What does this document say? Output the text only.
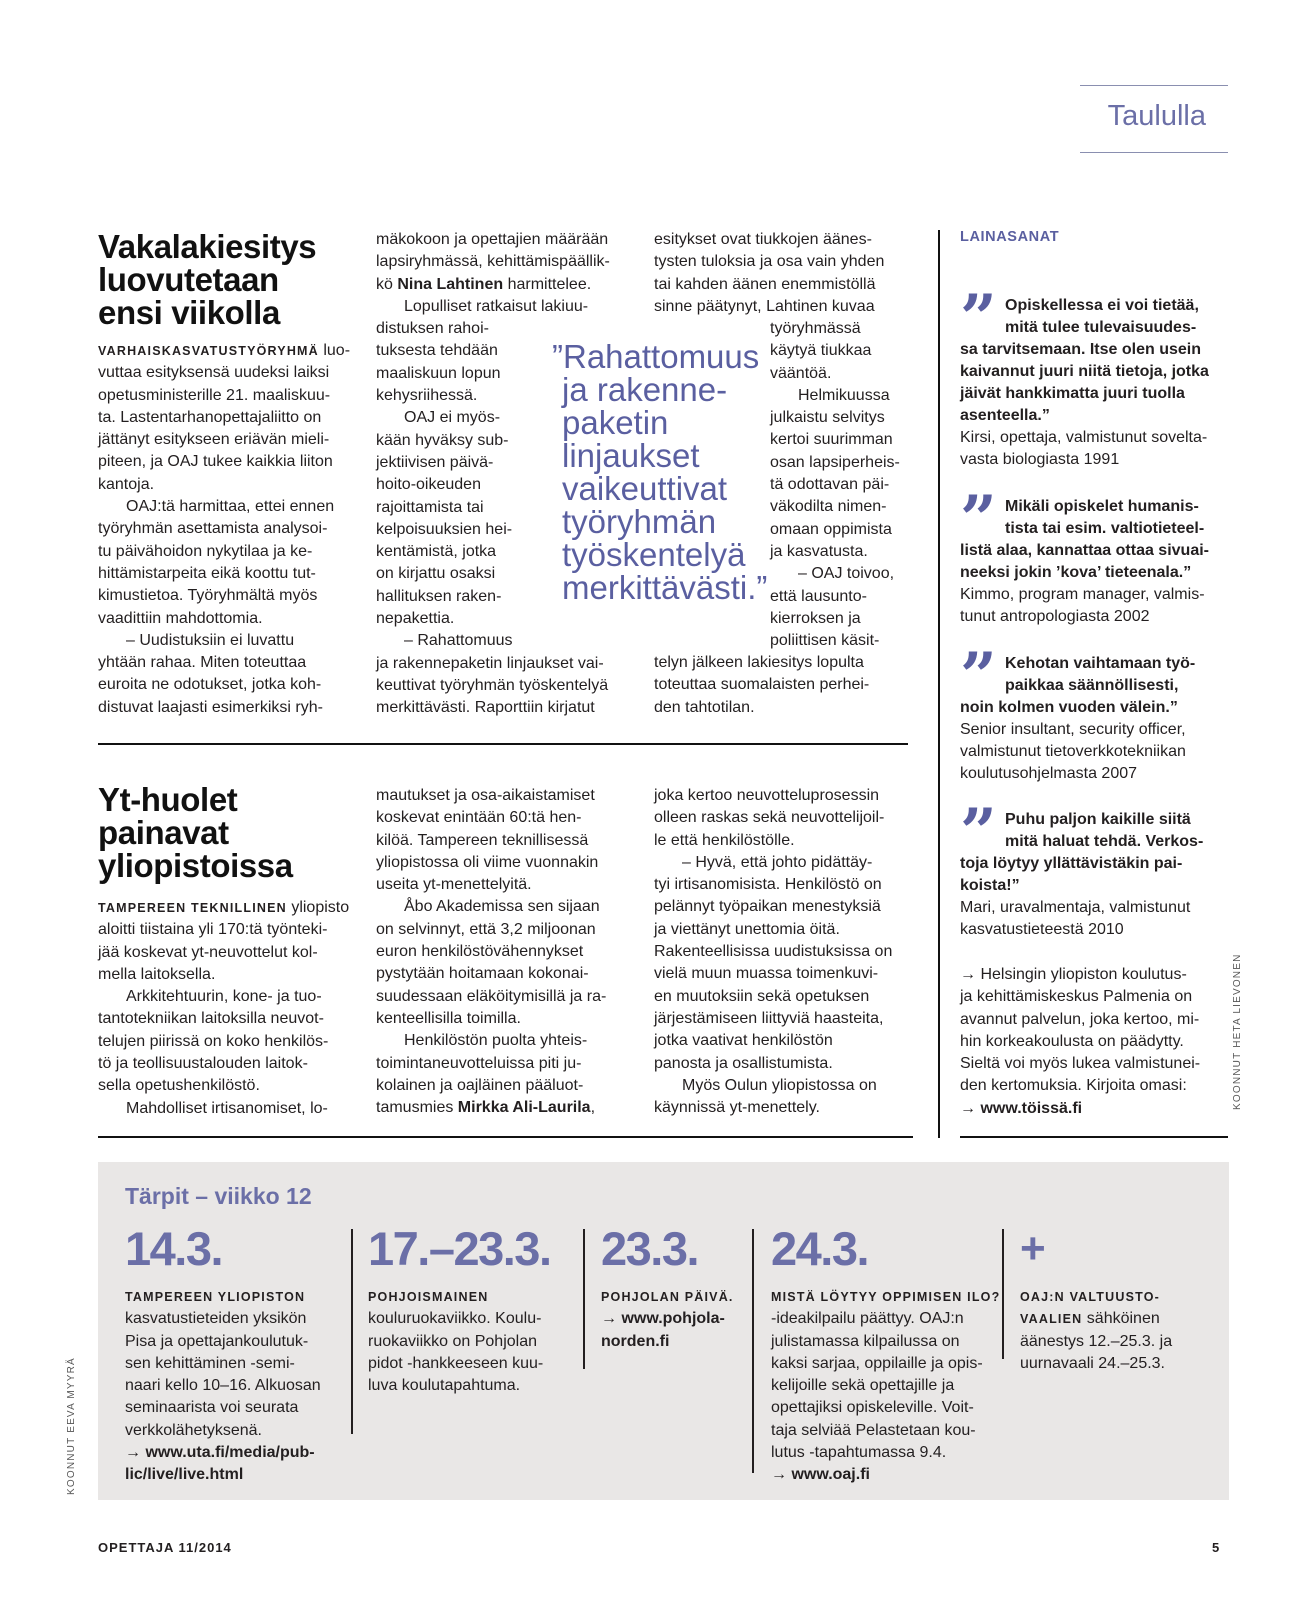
Taululla
Vakalakiesitys
luovutetaan
ensi viikolla
VARHAISKASVATUSTYÖRYHMÄ luo-
vuttaa esityksensä uudeksi laiksi
opetusministerille 21. maaliskuu-
ta. Lastentarhanopettajaliitto on
jättänyt esitykseen eriävän mieli-
piteen, ja OAJ tukee kaikkia liiton
kantoja.
OAJ:tä harmittaa, ettei ennen
työryhmän asettamista analysoi-
tu päivähoidon nykytilaa ja ke-
hittämistarpeita eikä koottu tut-
kimustietoa. Työryhmältä myös
vaadittiin mahdottomia.
– Uudistuksiin ei luvattu
yhtään rahaa. Miten toteuttaa
euroita ne odotukset, jotka koh-
distuvat laajasti esimerkiksi ryh-
mäkokoon ja opettajien määrään
lapsiryhmässä, kehittämispäällik-
kö Nina Lahtinen harmittelee.
Lopulliset ratkaisut lakiuu-
distuksen rahoi-
tuksesta tehdään
maaliskuun lopun
kehysriihessä.
OAJ ei myös-
kään hyväksy sub-
jektiivisen päivä-
hoito-oikeuden
rajoittamista tai
kelpoisuuksien hei-
kentämistä, jotka
on kirjattu osaksi
hallituksen raken-
nepakettia.
– Rahattomuus
ja rakennepaketin linjaukset vai-
keuttivat työryhmän työskentelyä
merkittävästi. Raporttiin kirjatut
”Rahattomuus
ja rakenne-
paketin
linjaukset
vaikeuttivat
työryhmän
työskentelyä
merkittävästi.”
esitykset ovat tiukkojen äänes-
tysten tuloksia ja osa vain yhden
tai kahden äänen enemmistöllä
sinne päätynyt, Lahtinen kuvaa
työryhmässä
käytyä tiukkaa
vääntöä.
Helmikuussa
julkaistu selvitys
kertoi suurimman
osan lapsiperheis-
tä odottavan päi-
väkodilta nimen-
omaan oppimista
ja kasvatusta.
– OAJ toivoo,
että lausunto-
kierroksen ja
poliittisen käsit-
telyn jälkeen lakiesitys lopulta
toteuttaa suomalaisten perhei-
den tahtotilan.
Yt-huolet
painavat
yliopistoissa
TAMPEREEN TEKNILLINEN yliopisto
aloitti tiistaina yli 170:tä työnteki-
jää koskevat yt-neuvottelut kol-
mella laitoksella.
Arkkitehtuurin, kone- ja tuo-
tantotekniikan laitoksilla neuvot-
telujen piirissä on koko henkilös-
tö ja teollisuustalouden laitok-
sella opetushenkilöstö.
Mahdolliset irtisanomiset, lo-
mautukset ja osa-aikaistamiset
koskevat enintään 60:tä hen-
kilöä. Tampereen teknillisessä
yliopistossa oli viime vuonnakin
useita yt-menettelyitä.
Åbo Akademissa sen sijaan
on selvinnyt, että 3,2 miljoonan
euron henkilöstövähennykset
pystytään hoitamaan kokonai-
suudessaan eläköitymisillä ja ra-
kenteellisilla toimilla.
Henkilöstön puolta yhteis-
toimintaneuvotteluissa piti ju-
kolainen ja oajläinen pääluot-
tamusmies Mirkka Ali-Laurila,
joka kertoo neuvotteluprosessin
olleen raskas sekä neuvottelijoil-
le että henkilöstölle.
– Hyvä, että johto pidättäy-
tyi irtisanomisista. Henkilöstö on
pelännyt työpaikan menestyksiä
ja viettänyt unettomia öitä.
Rakenteellisissa uudistuksissa on
vielä muun muassa toimenkuvi-
en muutoksiin sekä opetuksen
järjestämiseen liittyviä haasteita,
jotka vaativat henkilöstön
panosta ja osallistumista.
Myös Oulun yliopistossa on
käynnissä yt-menettely.
LAINASANAT
” Opiskellessa ei voi tietää,
mitä tulee tulevaisuudes-
sa tarvitsemaan. Itse olen usein
kaivannut juuri niitä tietoja, jotka
jäivät hankkimatta juuri tuolla
asenteella.”
Kirsi, opettaja, valmistunut soveltа-
vasta biologiasta 1991
” Mikäli opiskelet humanis-
tista tai esim. valtiotieteel-
listä alaa, kannattaa ottaa sivuai-
neeksi jokin ’kova’ tieteenala.”
Kimmo, program manager, valmis-
tunut antropologiasta 2002
” Kehotan vaihtamaan työ-
paikkaa säännöllisesti,
noin kolmen vuoden välein.”
Senior insultant, security officer,
valmistunut tietoverkkotekniikan
koulutusohjelmasta 2007
” Puhu paljon kaikille siitä
mitä haluat tehdä. Verkos-
toja löytyy yllättävistäkin pai-
koista!”
Mari, uravalmentaja, valmistunut
kasvatustieteestä 2010
→ Helsingin yliopiston koulutus-
ja kehittämiskeskus Palmenia on
avannut palvelun, joka kertoo, mi-
hin korkeakoulusta on päädytty.
Sieltä voi myös lukea valmistunei-
den kertomuksia. Kirjoita omasi:
→ www.töissä.fi	KOONNUT HETA LIEVONEN
Tärpit – viikko 12
14.3.
TAMPEREEN YLIOPISTON
kasvatustieteiden yksikön
Pisa ja opettajankoulutuk-
sen kehittäminen -semi-
naari kello 10–16. Alkuosan
seminaarista voi seurata
verkkolähetyksenä.
→ www.uta.fi/media/pub-
lic/live/live.html
17.–23.3.
POHJOISMAINEN
kouluruokaviikko. Koulu-
ruokaviikko on Pohjolan
pidot -hankkeeseen kuu-
luva koulutapahtuma.
23.3.
POHJOLAN PÄIVÄ.
→ www.pohjola-
norden.fi
24.3.
MISTÄ LÖYTYY OPPIMISEN ILO?
-ideakilpailu päättyy. OAJ:n
julistamassa kilpailussa on
kaksi sarjaa, oppilaille ja opis-
kelijoille sekä opettajille ja
opettajiksi opiskeleville. Voit-
taja selviää Pelastetaan kou-
lutus -tapahtumassa 9.4.
→ www.oaj.fi
+
OAJ:N VALTUUSTO-
VAALIEN sähköinen
äänestys 12.–25.3. ja
uurnavaali 24.–25.3.
KOONNUT EEVA MYYRÄ
OPETTAJA 11/2014	5
